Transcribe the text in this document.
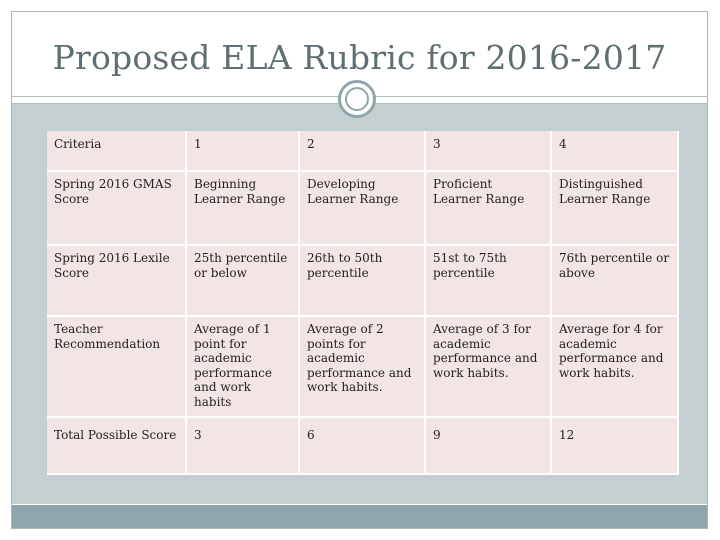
Proposed ELA Rubric for 2016-2017
Criteria	1	2	3	4
Spring 2016 GMAS Score	Beginning Learner Range	Developing Learner Range	Proficient Learner Range	Distinguished Learner Range
Spring 2016 Lexile Score	25th percentile or below	26th to 50th percentile	51st to 75th percentile	76th percentile or above
Teacher Recommendation	Average of 1 point for academic performance and work habits	Average of 2 points for academic performance and work habits.	Average of 3 for academic performance and work habits.	Average for 4 for academic performance and work habits.
Total Possible Score	3	6	9	12
